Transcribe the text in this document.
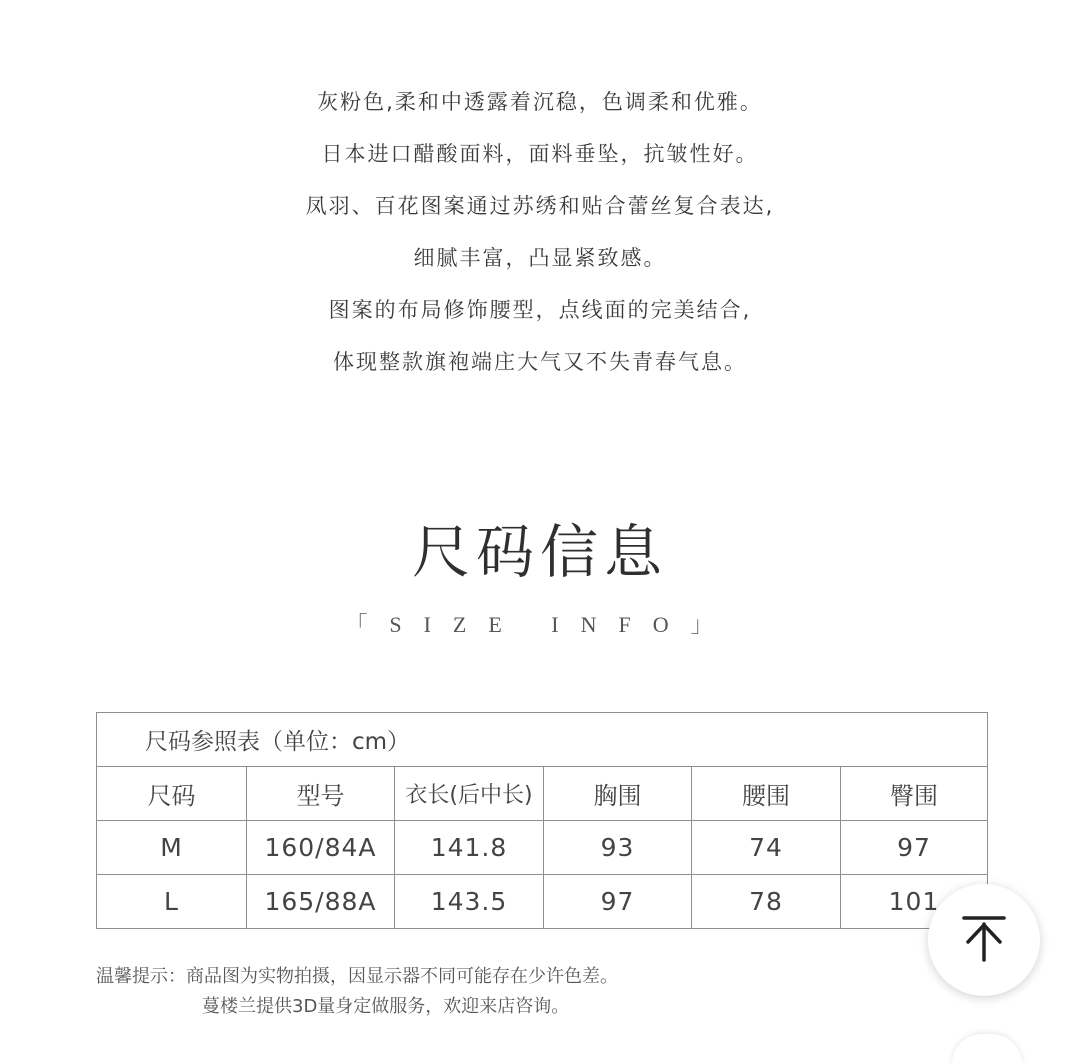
灰粉色,柔和中透露着沉稳，色调柔和优雅。
日本进口醋酸面料，面料垂坠，抗皱性好。
凤羽、百花图案通过苏绣和贴合蕾丝复合表达,
细腻丰富，凸显紧致感。
图案的布局修饰腰型，点线面的完美结合,
体现整款旗袍端庄大气又不失青春气息。
尺码信息
「SIZE INFO」
尺码参照表（单位：cm）					
尺码	型号	衣长(后中长)	胸围	腰围	臀围
M	160/84A	141.8	93	74	97
L	165/88A	143.5	97	78	101
温馨提示：商品图为实物拍摄，因显示器不同可能存在少许色差。
蔓楼兰提供3D量身定做服务，欢迎来店咨询。
